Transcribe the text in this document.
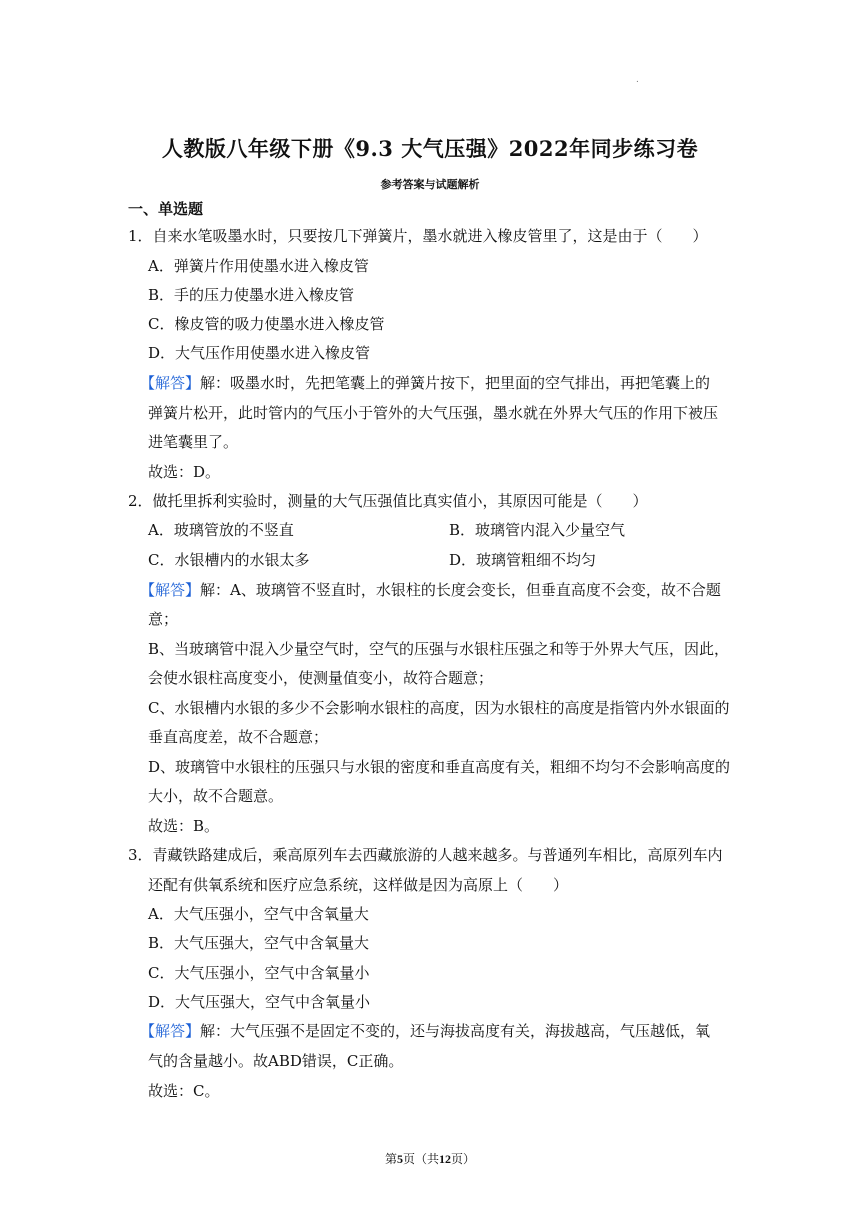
.
人教版八年级下册《9.3 大气压强》2022年同步练习卷
参考答案与试题解析
一、单选题
1．自来水笔吸墨水时，只要按几下弹簧片，墨水就进入橡皮管里了，这是由于（　　）
A．弹簧片作用使墨水进入橡皮管
B．手的压力使墨水进入橡皮管
C．橡皮管的吸力使墨水进入橡皮管
D．大气压作用使墨水进入橡皮管
【解答】解：吸墨水时，先把笔囊上的弹簧片按下，把里面的空气排出，再把笔囊上的
弹簧片松开，此时管内的气压小于管外的大气压强，墨水就在外界大气压的作用下被压
进笔囊里了。
故选：D。
2．做托里拆利实验时，测量的大气压强值比真实值小，其原因可能是（　　）
A．玻璃管放的不竖直	B．玻璃管内混入少量空气
C．水银槽内的水银太多	D．玻璃管粗细不均匀
【解答】解：A、玻璃管不竖直时，水银柱的长度会变长，但垂直高度不会变，故不合题
意；
B、当玻璃管中混入少量空气时，空气的压强与水银柱压强之和等于外界大气压，因此，
会使水银柱高度变小，使测量值变小，故符合题意；
C、水银槽内水银的多少不会影响水银柱的高度，因为水银柱的高度是指管内外水银面的
垂直高度差，故不合题意；
D、玻璃管中水银柱的压强只与水银的密度和垂直高度有关，粗细不均匀不会影响高度的
大小，故不合题意。
故选：B。
3．青藏铁路建成后，乘高原列车去西藏旅游的人越来越多。与普通列车相比，高原列车内
还配有供氧系统和医疗应急系统，这样做是因为高原上（　　）
A．大气压强小，空气中含氧量大
B．大气压强大，空气中含氧量大
C．大气压强小，空气中含氧量小
D．大气压强大，空气中含氧量小
【解答】解：大气压强不是固定不变的，还与海拔高度有关，海拔越高，气压越低，氧
气的含量越小。故ABD错误，C正确。
故选：C。
第5页（共12页）
